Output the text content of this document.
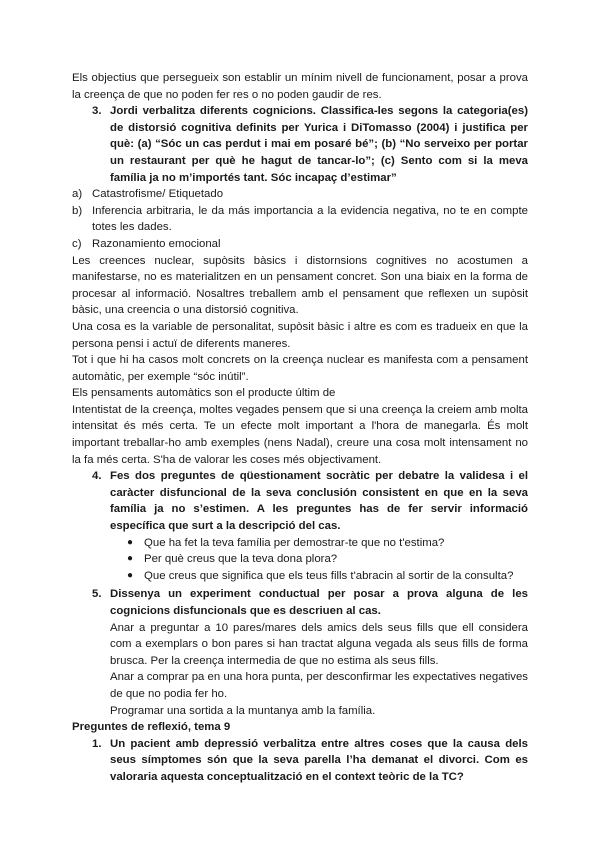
Els objectius que persegueix son establir un mínim nivell de funcionament, posar a prova la creença de que no poden fer res o no poden gaudir de res.

3. Jordi verbalitza diferents cognicions. Classifica-les segons la categoria(es) de distorsió cognitiva definits per Yurica i DiTomasso (2004) i justifica per què: (a) “Sóc un cas perdut i mai em posaré bé”; (b) “No serveixo per portar un restaurant per què he hagut de tancar-lo”; (c) Sento com si la meva família ja no m’importés tant. Sóc incapaç d’estimar”
a) Catastrofisme/ Etiquetado
b) Inferencia arbitraria, le da más importancia a la evidencia negativa, no te en compte totes les dades.
c) Razonamiento emocional

Les creences nuclear, supòsits bàsics i distornsions cognitives no acostumen a manifestarse, no es materialitzen en un pensament concret. Son una biaix en la forma de procesar al informació. Nosaltres treballem amb el pensament que reflexen un supòsit bàsic, una creencia o una distorsió cognitiva.

Una cosa es la variable de personalitat, supòsit bàsic i altre es com es tradueix en que la persona pensi i actuï de diferents maneres.

Tot i que hi ha casos molt concrets on la creença nuclear es manifesta com a pensament automàtic, per exemple “sóc inútil”.

Els pensaments automàtics son el producte últim de

Intentistat de la creença, moltes vegades pensem que si una creença la creiem amb molta intensitat és més certa. Te un efecte molt important a l'hora de manegarla. És molt important treballar-ho amb exemples (nens Nadal), creure una cosa molt intensament no la fa més certa. S'ha de valorar les coses més objectivament.

4. Fes dos preguntes de qüestionament socràtic per debatre la validesa i el caràcter disfuncional de la seva conclusión consistent en que en la seva família ja no s’estimen. A les preguntes has de fer servir informació específica que surt a la descripció del cas.
● Que ha fet la teva família per demostrar-te que no t'estima?
● Per què creus que la teva dona plora?
● Que creus que significa que els teus fills t'abracin al sortir de la consulta?
5. Dissenya un experiment conductual per posar a prova alguna de les cognicions disfuncionals que es descriuen al cas.

Anar a preguntar a 10 pares/mares dels amics dels seus fills que ell considera com a exemplars o bon pares si han tractat alguna vegada als seus fills de forma brusca. Per la creença intermedia de que no estima als seus fills.

Anar a comprar pa en una hora punta, per desconfirmar les expectatives negatives de que no podia fer ho.

Programar una sortida a la muntanya amb la família.

Preguntes de reflexió, tema 9

1. Un pacient amb depressió verbalitza entre altres coses que la causa dels seus símptomes són que la seva parella l’ha demanat el divorci. Com es valoraria aquesta conceptualització en el context teòric de la TC?
